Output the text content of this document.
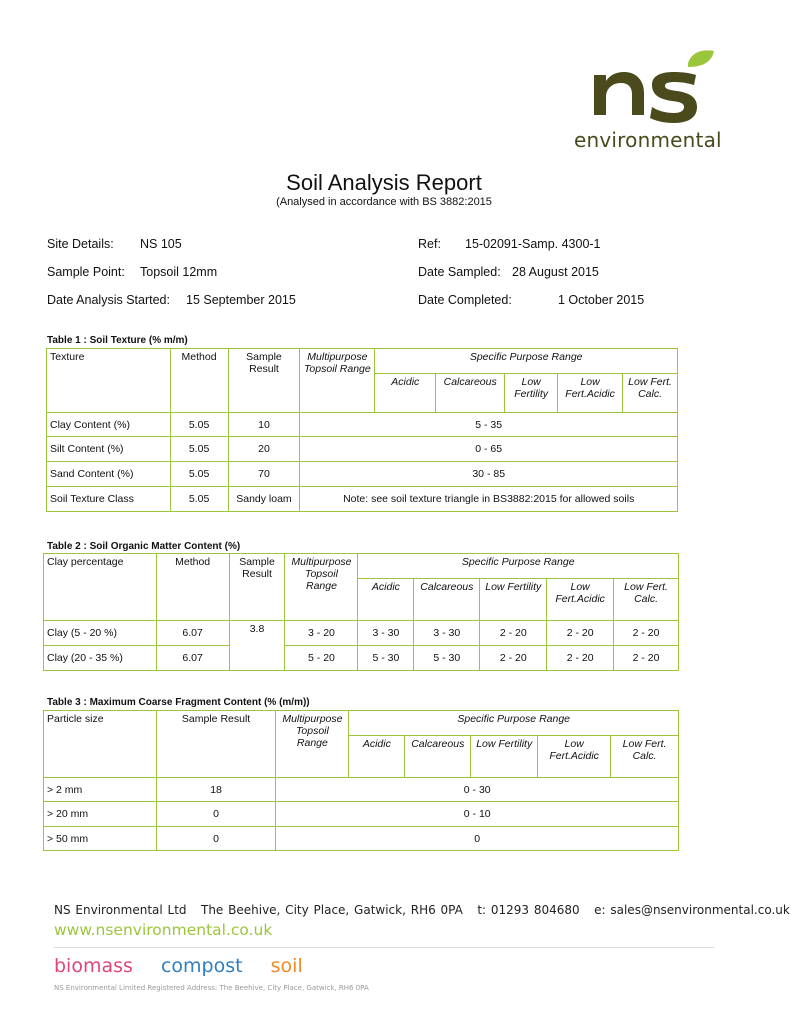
environmental
Soil Analysis Report
(Analysed in accordance with BS 3882:2015
Site Details: NS 105	Ref: 15-02091-Samp. 4300-1
Sample Point: Topsoil 12mm	Date Sampled: 28 August 2015
Date Analysis Started: 15 September 2015	Date Completed:	1 October 2015
Table 1 : Soil Texture (% m/m)
Texture	Method	Sample Result	Multipurpose Topsoil Range	Specific Purpose Range				
				Acidic	Calcareous	Low Fertility	Low Fert.Acidic	Low Fert. Calc.
Clay Content (%)	5.05	10	5 - 35					
Silt Content (%)	5.05	20	0 - 65					
Sand Content (%)	5.05	70	30 - 85					
Soil Texture Class	5.05	Sandy loam	Note: see soil texture triangle in BS3882:2015 for allowed soils					
Table 2 : Soil Organic Matter Content (%)
Clay percentage	Method	Sample Result	Multipurpose Topsoil Range	Specific Purpose Range				
				Acidic	Calcareous	Low Fertility	Low Fert.Acidic	Low Fert. Calc.
Clay (5 - 20 %)	6.07	3.8	3 - 20	3 - 30	3 - 30	2 - 20	2 - 20	2 - 20
Clay (20 - 35 %)	6.07		5 - 20	5 - 30	5 - 30	2 - 20	2 - 20	2 - 20
Table 3 : Maximum Coarse Fragment Content (% (m/m))
Particle size	Sample Result	Multipurpose Topsoil Range	Specific Purpose Range				
			Acidic	Calcareous	Low Fertility	Low Fert.Acidic	Low Fert. Calc.
> 2 mm	18	0 - 30					
> 20 mm	0	0 - 10					
> 50 mm	0	0					
NS Environmental Ltd The Beehive, City Place, Gatwick, RH6 0PA t: 01293 804680 e: sales@nsenvironmental.co.uk
www.nsenvironmental.co.uk
biomass compost soil
NS Environmental Limited Registered Address: The Beehive, City Place, Gatwick, RH6 0PA
